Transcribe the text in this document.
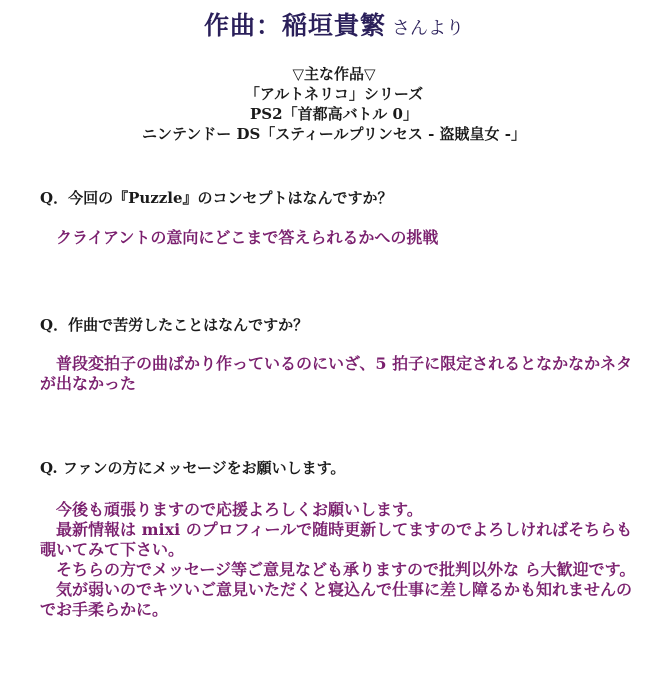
作曲：稲垣貴繁 さんより
▽主な作品▽
「アルトネリコ」シリーズ
PS2「首都高バトル 0」
ニンテンドー DS「スティールプリンセス - 盗賊皇女 -」
Q．今回の『Puzzle』のコンセプトはなんですか？

クライアントの意向にどこまで答えられるかへの挑戦

Q．作曲で苦労したことはなんですか？

普段変拍子の曲ばかり作っているのにいざ、5 拍子に限定されるとなかなかネタが出なかった

Q. ファンの方にメッセージをお願いします。

今後も頑張りますので応援よろしくお願いします。

最新情報は mixi のプロフィールで随時更新してますのでよろしければそちらも覗いてみて下さい。

そちらの方でメッセージ等ご意見なども承りますので批判以外な ら大歓迎です。

気が弱いのでキツいご意見いただくと寝込んで仕事に差し障るかも知れませんのでお手柔らかに。
